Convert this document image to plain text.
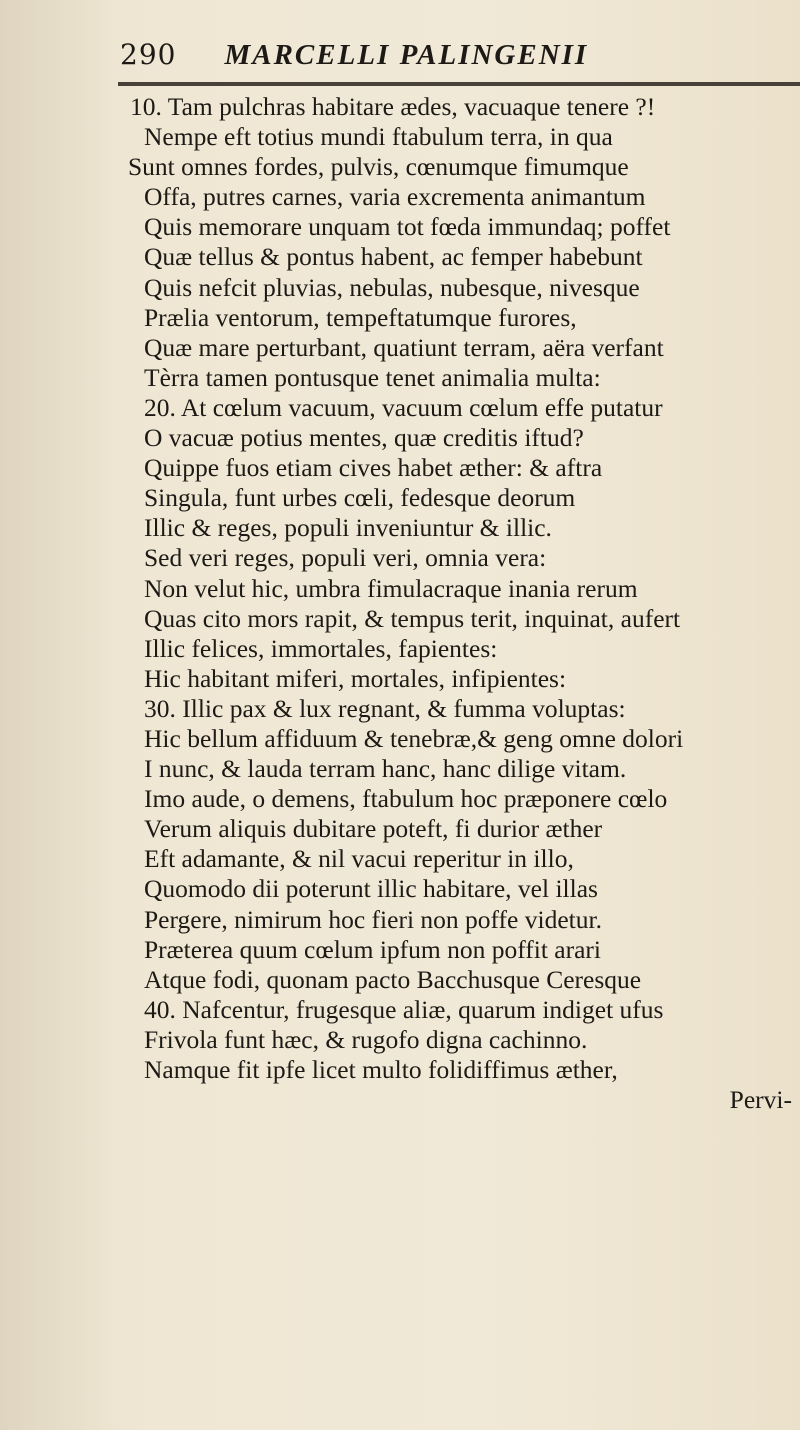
290 MARCELLI PALINGENII
10. Tam pulchras habitare ædes, vacuaque tenere ?!
Nempe eft totius mundi ftabulum terra, in qua
Sunt omnes fordes, pulvis, cœnumque fimumque
Offa, putres carnes, varia excrementa animantum
Quis memorare unquam tot fœda immundaq; poffet
Quæ tellus & pontus habent, ac femper habebunt
Quis nefcit pluvias, nebulas, nubesque, nivesque
Prælia ventorum, tempeftatumque furores,
Quæ mare perturbant, quatiunt terram, aëra verfant
Tèrra tamen pontusque tenet animalia multa:
20. At cœlum vacuum, vacuum cœlum effe putatur
O vacuæ potius mentes, quæ creditis iftud?
Quippe fuos etiam cives habet æther: & aftra
Singula, funt urbes cœli, fedesque deorum
Illic & reges, populi inveniuntur & illic.
Sed veri reges, populi veri, omnia vera:
Non velut hic, umbra fimulacraque inania rerum
Quas cito mors rapit, & tempus terit, inquinat, aufert
Illic felices, immortales, fapientes:
Hic habitant miferi, mortales, infipientes:
30. Illic pax & lux regnant, & fumma voluptas:
Hic bellum affiduum & tenebræ,& geng omne dolori
I nunc, & lauda terram hanc, hanc dilige vitam.
Imo aude, o demens, ftabulum hoc præponere cœlo
Verum aliquis dubitare poteft, fi durior æther
Eft adamante, & nil vacui reperitur in illo,
Quomodo dii poterunt illic habitare, vel illas
Pergere, nimirum hoc fieri non poffe videtur.
Præterea quum cœlum ipfum non poffit arari
Atque fodi, quonam pacto Bacchusque Ceresque
40. Nafcentur, frugesque aliæ, quarum indiget ufus
Frivola funt hæc, & rugofo digna cachinno.
Namque fit ipfe licet multo folidiffimus æther,
Pervi-
